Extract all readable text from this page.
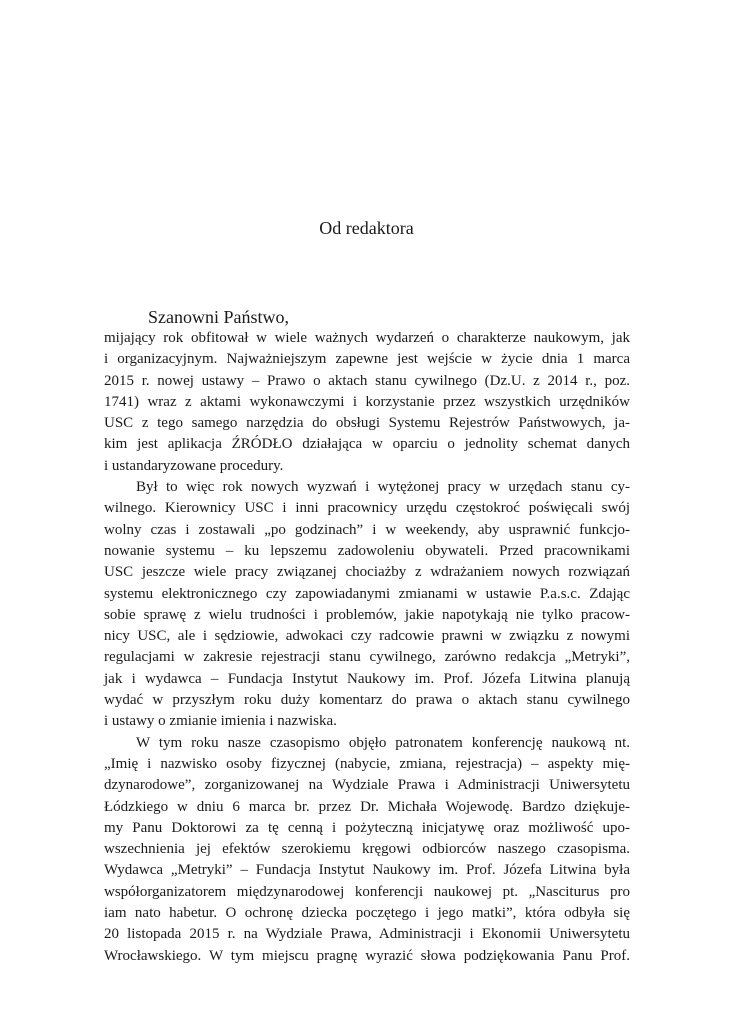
Od redaktora
Szanowni Państwo,
mijający rok obfitował w wiele ważnych wydarzeń o charakterze naukowym, jak
i organizacyjnym. Najważniejszym zapewne jest wejście w życie dnia 1 marca
2015 r. nowej ustawy – Prawo o aktach stanu cywilnego (Dz.U. z 2014 r., poz.
1741) wraz z aktami wykonawczymi i korzystanie przez wszystkich urzędników
USC z tego samego narzędzia do obsługi Systemu Rejestrów Państwowych, ja-
kim jest aplikacja ŹRÓDŁO działająca w oparciu o jednolity schemat danych
i ustandaryzowane procedury.
Był to więc rok nowych wyzwań i wytężonej pracy w urzędach stanu cy-
wilnego. Kierownicy USC i inni pracownicy urzędu częstokroć poświęcali swój
wolny czas i zostawali „po godzinach” i w weekendy, aby usprawnić funkcjo-
nowanie systemu – ku lepszemu zadowoleniu obywateli. Przed pracownikami
USC jeszcze wiele pracy związanej chociażby z wdrażaniem nowych rozwiązań
systemu elektronicznego czy zapowiadanymi zmianami w ustawie P.a.s.c. Zdając
sobie sprawę z wielu trudności i problemów, jakie napotykają nie tylko pracow-
nicy USC, ale i sędziowie, adwokaci czy radcowie prawni w związku z nowymi
regulacjami w zakresie rejestracji stanu cywilnego, zarówno redakcja „Metryki”,
jak i wydawca – Fundacja Instytut Naukowy im. Prof. Józefa Litwina planują
wydać w przyszłym roku duży komentarz do prawa o aktach stanu cywilnego
i ustawy o zmianie imienia i nazwiska.
W tym roku nasze czasopismo objęło patronatem konferencję naukową nt.
„Imię i nazwisko osoby fizycznej (nabycie, zmiana, rejestracja) – aspekty mię-
dzynarodowe”, zorganizowanej na Wydziale Prawa i Administracji Uniwersytetu
Łódzkiego w dniu 6 marca br. przez Dr. Michała Wojewodę. Bardzo dziękuje-
my Panu Doktorowi za tę cenną i pożyteczną inicjatywę oraz możliwość upo-
wszechnienia jej efektów szerokiemu kręgowi odbiorców naszego czasopisma.
Wydawca „Metryki” – Fundacja Instytut Naukowy im. Prof. Józefa Litwina była
współorganizatorem międzynarodowej konferencji naukowej pt. „Nasciturus pro
iam nato habetur. O ochronę dziecka poczętego i jego matki”, która odbyła się
20 listopada 2015 r. na Wydziale Prawa, Administracji i Ekonomii Uniwersytetu
Wrocławskiego. W tym miejscu pragnę wyrazić słowa podziękowania Panu Prof.
